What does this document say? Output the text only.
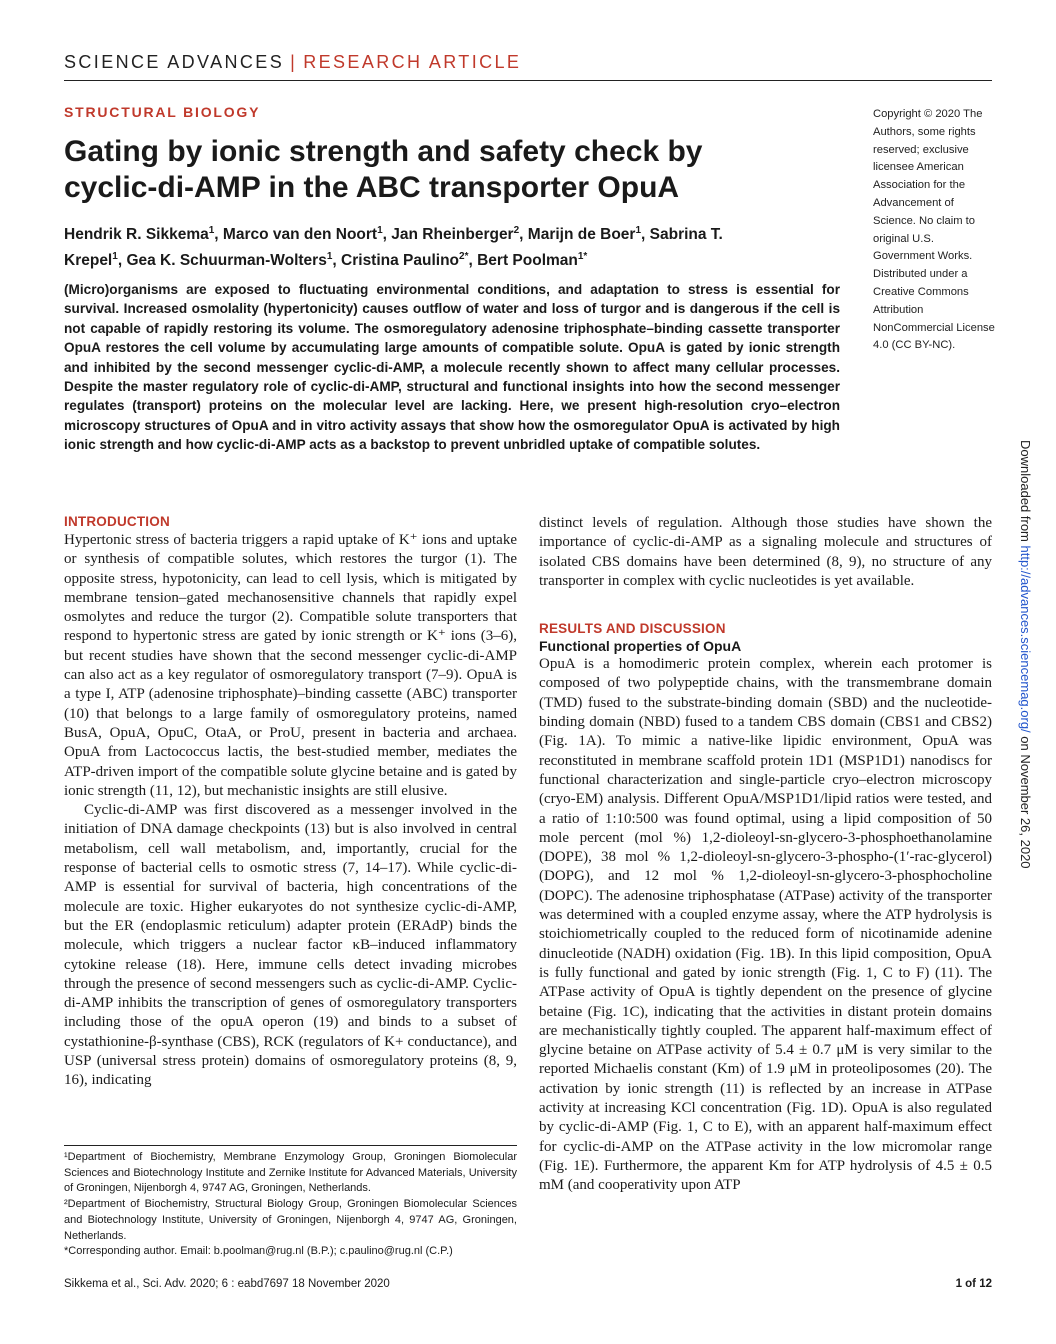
SCIENCE ADVANCES | RESEARCH ARTICLE
STRUCTURAL BIOLOGY
Gating by ionic strength and safety check by cyclic-di-AMP in the ABC transporter OpuA
Hendrik R. Sikkema$^1$, Marco van den Noort$^1$, Jan Rheinberger$^2$, Marijn de Boer$^1$, Sabrina T. Krepel$^1$, Gea K. Schuurman-Wolters$^1$, Cristina Paulino$^{2*}$, Bert Poolman$^{1*}$

(Micro)organisms are exposed to fluctuating environmental conditions, and adaptation to stress is essential for survival. Increased osmolality (hypertonicity) causes outflow of water and loss of turgor and is dangerous if the cell is not capable of rapidly restoring its volume. The osmoregulatory adenosine triphosphate–binding cassette transporter OpuA restores the cell volume by accumulating large amounts of compatible solute. OpuA is gated by ionic strength and inhibited by the second messenger cyclic-di-AMP, a molecule recently shown to affect many cellular processes. Despite the master regulatory role of cyclic-di-AMP, structural and functional insights into how the second messenger regulates (transport) proteins on the molecular level are lacking. Here, we present high-resolution cryo–electron microscopy structures of OpuA and in vitro activity assays that show how the osmoregulator OpuA is activated by high ionic strength and how cyclic-di-AMP acts as a backstop to prevent unbridled uptake of compatible solutes.

Copyright © 2020 The Authors, some rights reserved; exclusive licensee American Association for the Advancement of Science. No claim to original U.S. Government Works. Distributed under a Creative Commons Attribution NonCommercial License 4.0 (CC BY-NC).
Downloaded from http://advances.sciencemag.org/ on November 26, 2020
INTRODUCTION

Hypertonic stress of bacteria triggers a rapid uptake of K⁺ ions and uptake or synthesis of compatible solutes, which restores the turgor (1). The opposite stress, hypotonicity, can lead to cell lysis, which is mitigated by membrane tension–gated mechanosensitive channels that rapidly expel osmolytes and reduce the turgor (2). Compatible solute transporters that respond to hypertonic stress are gated by ionic strength or K⁺ ions (3–6), but recent studies have shown that the second messenger cyclic-di-AMP can also act as a key regulator of osmoregulatory transport (7–9). OpuA is a type I, ATP (adenosine triphosphate)–binding cassette (ABC) transporter (10) that belongs to a large family of osmoregulatory proteins, named BusA, OpuA, OpuC, OtaA, or ProU, present in bacteria and archaea. OpuA from Lactococcus lactis, the best-studied member, mediates the ATP-driven import of the compatible solute glycine betaine and is gated by ionic strength (11, 12), but mechanistic insights are still elusive.

Cyclic-di-AMP was first discovered as a messenger involved in the initiation of DNA damage checkpoints (13) but is also involved in central metabolism, cell wall metabolism, and, importantly, crucial for the response of bacterial cells to osmotic stress (7, 14–17). While cyclic-di-AMP is essential for survival of bacteria, high concentrations of the molecule are toxic. Higher eukaryotes do not synthesize cyclic-di-AMP, but the ER (endoplasmic reticulum) adapter protein (ERAdP) binds the molecule, which triggers a nuclear factor κB–induced inflammatory cytokine release (18). Here, immune cells detect invading microbes through the presence of second messengers such as cyclic-di-AMP. Cyclic-di-AMP inhibits the transcription of genes of osmoregulatory transporters including those of the opuA operon (19) and binds to a subset of cystathionine-β-synthase (CBS), RCK (regulators of K+ conductance), and USP (universal stress protein) domains of osmoregulatory proteins (8, 9, 16), indicating

distinct levels of regulation. Although those studies have shown the importance of cyclic-di-AMP as a signaling molecule and structures of isolated CBS domains have been determined (8, 9), no structure of any transporter in complex with cyclic nucleotides is yet available.

RESULTS AND DISCUSSION
Functional properties of OpuA

OpuA is a homodimeric protein complex, wherein each protomer is composed of two polypeptide chains, with the transmembrane domain (TMD) fused to the substrate-binding domain (SBD) and the nucleotide-binding domain (NBD) fused to a tandem CBS domain (CBS1 and CBS2) (Fig. 1A). To mimic a native-like lipidic environment, OpuA was reconstituted in membrane scaffold protein 1D1 (MSP1D1) nanodiscs for functional characterization and single-particle cryo–electron microscopy (cryo-EM) analysis. Different OpuA/MSP1D1/lipid ratios were tested, and a ratio of 1:10:500 was found optimal, using a lipid composition of 50 mole percent (mol %) 1,2-dioleoyl-sn-glycero-3-phosphoethanolamine (DOPE), 38 mol % 1,2-dioleoyl-sn-glycero-3-phospho-(1′-rac-glycerol) (DOPG), and 12 mol % 1,2-dioleoyl-sn-glycero-3-phosphocholine (DOPC). The adenosine triphosphatase (ATPase) activity of the transporter was determined with a coupled enzyme assay, where the ATP hydrolysis is stoichiometrically coupled to the reduced form of nicotinamide adenine dinucleotide (NADH) oxidation (Fig. 1B). In this lipid composition, OpuA is fully functional and gated by ionic strength (Fig. 1, C to F) (11). The ATPase activity of OpuA is tightly dependent on the presence of glycine betaine (Fig. 1C), indicating that the activities in distant protein domains are mechanistically tightly coupled. The apparent half-maximum effect of glycine betaine on ATPase activity of 5.4 ± 0.7 μM is very similar to the reported Michaelis constant (Km) of 1.9 μM in proteoliposomes (20). The activation by ionic strength (11) is reflected by an increase in ATPase activity at increasing KCl concentration (Fig. 1D). OpuA is also regulated by cyclic-di-AMP (Fig. 1, C to E), with an apparent half-maximum effect for cyclic-di-AMP on the ATPase activity in the low micromolar range (Fig. 1E). Furthermore, the apparent Km for ATP hydrolysis of 4.5 ± 0.5 mM (and cooperativity upon ATP

¹Department of Biochemistry, Membrane Enzymology Group, Groningen Biomolecular Sciences and Biotechnology Institute and Zernike Institute for Advanced Materials, University of Groningen, Nijenborgh 4, 9747 AG, Groningen, Netherlands.

²Department of Biochemistry, Structural Biology Group, Groningen Biomolecular Sciences and Biotechnology Institute, University of Groningen, Nijenborgh 4, 9747 AG, Groningen, Netherlands.

*Corresponding author. Email: b.poolman@rug.nl (B.P.); c.paulino@rug.nl (C.P.)

Sikkema et al., Sci. Adv. 2020; 6 : eabd7697 18 November 2020	1 of 12
